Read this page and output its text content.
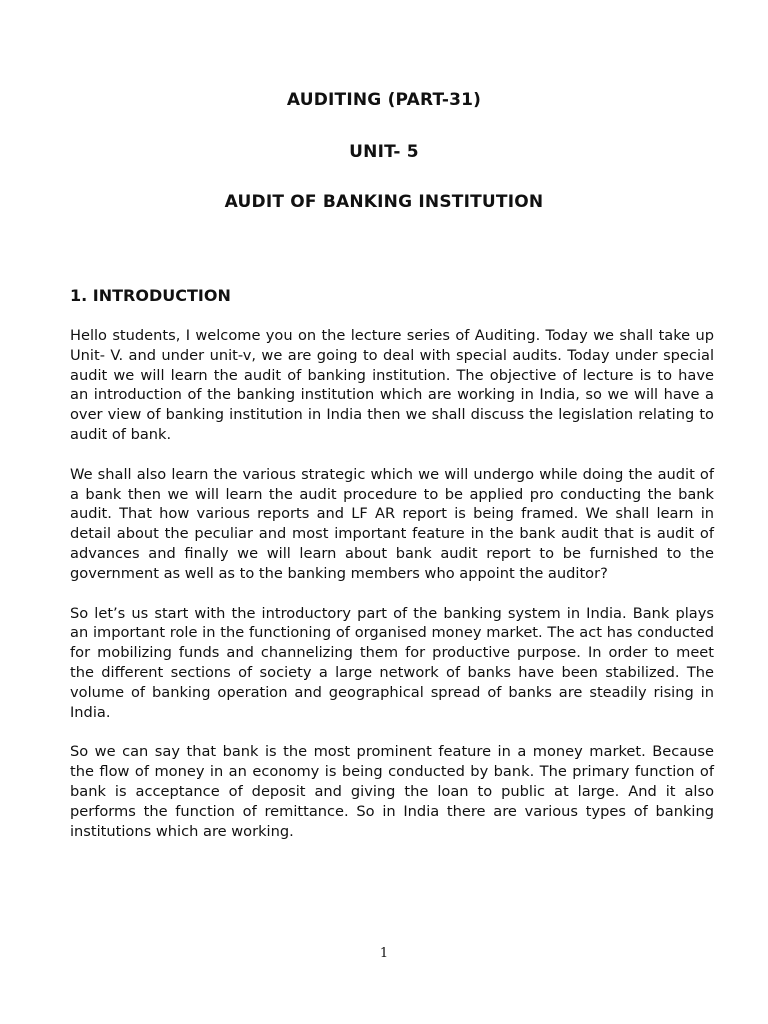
AUDITING (PART-31)
UNIT- 5
AUDIT OF BANKING INSTITUTION
1. INTRODUCTION

Hello students, I welcome you on the lecture series of Auditing. Today we shall take up Unit- V. and under unit-v, we are going to deal with special audits. Today under special audit we will learn the audit of banking institution. The objective of lecture is to have an introduction of the banking institution which are working in India, so we will have a over view of banking institution in India then we shall discuss the legislation relating to audit of bank.

We shall also learn the various strategic which we will undergo while doing the audit of a bank then we will learn the audit procedure to be applied pro conducting the bank audit. That how various reports and LF AR report is being framed. We shall learn in detail about the peculiar and most important feature in the bank audit that is audit of advances and finally we will learn about bank audit report to be furnished to the government as well as to the banking members who appoint the auditor?

So let’s us start with the introductory part of the banking system in India. Bank plays an important role in the functioning of organised money market. The act has conducted for mobilizing funds and channelizing them for productive purpose. In order to meet the different sections of society a large network of banks have been stabilized. The volume of banking operation and geographical spread of banks are steadily rising in India.

So we can say that bank is the most prominent feature in a money market. Because the flow of money in an economy is being conducted by bank. The primary function of bank is acceptance of deposit and giving the loan to public at large. And it also performs the function of remittance. So in India there are various types of banking institutions which are working.

1
